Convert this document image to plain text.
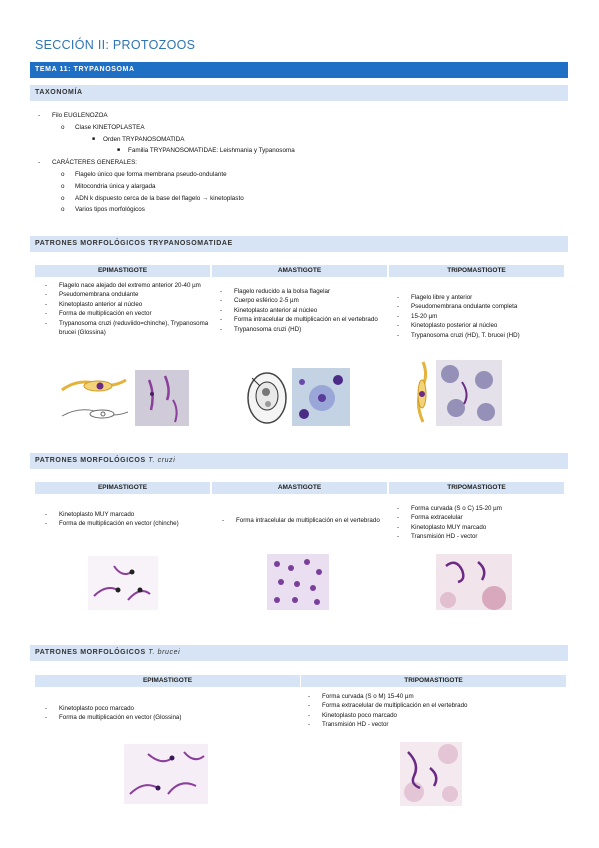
SECCIÓN II: PROTOZOOS
TEMA 11: TRYPANOSOMA
TAXONOMÍA
- Filo EUGLENOZOA
o Clase KINETOPLASTEA
■ Orden TRYPANOSOMATIDA
■ Familia TRYPANOSOMATIDAE: Leishmania y Typanosoma
- CARÁCTERES GENERALES:
o Flagelo único que forma membrana pseudo-ondulante
o Mitocondria única y alargada
o ADN k dispuesto cerca de la base del flagelo → kinetoplasto
o Varios tipos morfológicos
PATRONES MORFOLÓGICOS TRYPANOSOMATIDAE
EPIMASTIGOTE	AMASTIGOTE	TRIPOMASTIGOTE
- Flagelo nace alejado del extremo anterior 20-40 µm
- Pseudomembrana ondulante
- Kinetoplasto anterior al núcleo
- Forma de multiplicación en vector
- Trypanosoma cruzi (reduviido=chinche), Trypanosoma brucei (Glossina)
- Flagelo reducido a la bolsa flagelar
- Cuerpo esférico 2-5 µm
- Kinetoplasto anterior al núcleo
- Forma intracelular de multiplicación en el vertebrado
- Trypanosoma cruzi (HD)
- Flagelo libre y anterior
- Pseudomembrana ondulante completa
- 15-20 µm
- Kinetoplasto posterior al núcleo
- Trypanosoma cruzi (HD), T. brucei (HD)
PATRONES MORFOLÓGICOS T. cruzi
EPIMASTIGOTE	AMASTIGOTE	TRIPOMASTIGOTE
- Kinetoplasto MUY marcado
- Forma de multiplicación en vector (chinche)
-	Forma intracelular de multiplicación en el vertebrado
- Forma curvada (S o C) 15-20 µm
- Forma extracelular
- Kinetoplasto MUY marcado
- Transmisión HD - vector
PATRONES MORFOLÓGICOS T. brucei
EPIMASTIGOTE	TRIPOMASTIGOTE
- Kinetoplasto poco marcado
- Forma de multiplicación en vector (Glossina)
- Forma curvada (S o M) 15-40 µm
- Forma extracelular de multiplicación en el vertebrado
- Kinetoplasto poco marcado
- Transmisión HD - vector
